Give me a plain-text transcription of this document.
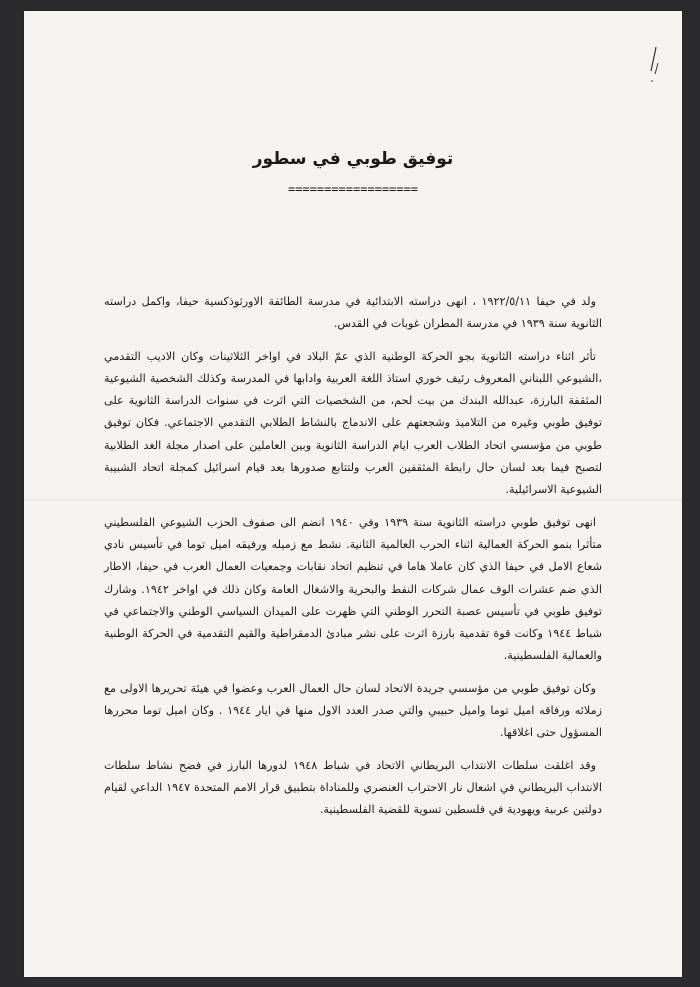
توفيق طوبي في سطور
==================

ولد في حيفا ١٩٢٢/٥/١١ ، انهى دراسته الابتدائية في مدرسة الطائفة الاورثوذكسية حيفا، واكمل دراسته الثانوية سنة ١٩٣٩ في مدرسة المطران غوبات في القدس.

تأثر اثناء دراسته الثانوية بجو الحركة الوطنية الذي عمّ البلاد في اواخر الثلاثينات وكان الاديب التقدمي ،الشيوعي اللبناني المعروف رئيف خوري استاذ اللغة العربية وادابها في المدرسة وكذلك الشخصية الشيوعية المثقفة البارزة، عبدالله البندك من بيت لحم، من الشخصيات التي اثرت في سنوات الدراسة الثانوية على توفيق طوبي وغيره من التلاميذ وشجعتهم على الاندماج بالنشاط الطلابي التقدمي الاجتماعي. فكان توفيق طوبي من مؤسسي اتحاد الطلاب العرب ايام الدراسة الثانوية وبين العاملين على اصدار مجلة الغد الطلابية لتصبح فيما بعد لسان حال رابطة المثقفين العرب ولتتابع صدورها بعد قيام اسرائيل كمجلة اتحاد الشبيبة الشيوعية الاسرائيلية.

انهى توفيق طوبي دراسته الثانوية سنة ١٩٣٩ وفي ١٩٤٠ انضم الى صفوف الحزب الشيوعي الفلسطيني متأثرا بنمو الحركة العمالية اثناء الحرب العالمية الثانية. نشط مع زميله ورفيقه اميل توما في تأسيس نادي شعاع الامل في حيفا الذي كان عاملا هاما في تنظيم اتحاد نقابات وجمعيات العمال العرب في حيفا، الاطار الذي ضم عشرات الوف عمال شركات النفط والبحرية والاشغال العامة وكان ذلك في اواخر ١٩٤٢. وشارك توفيق طوبي في تأسيس عصبة التحرر الوطني التي ظهرت على الميدان السياسي الوطني والاجتماعي في شباط ١٩٤٤ وكانت قوة تقدمية بارزة اثرت على نشر مبادئ الدمقراطية والقيم التقدمية في الحركة الوطنية والعمالية الفلسطينية.

وكان توفيق طوبي من مؤسسي جريدة الاتحاد لسان حال العمال العرب وعضوا في هيئة تحريرها الاولى مع زملائه ورفاقه اميل توما واميل حبيبي والتي صدر العدد الاول منها في ايار ١٩٤٤ . وكان اميل توما محررها المسؤول حتى اغلاقها.

وقد اغلقت سلطات الانتداب البريطاني الاتحاد في شباط ١٩٤٨ لدورها البارز في فضح نشاط سلطات الانتداب البريطاني في اشعال نار الاحتراب العنصري وللمناداة بتطبيق قرار الامم المتحدة ١٩٤٧ الداعي لقيام دولتين عربية ويهودية في فلسطين تسوية للقضية الفلسطينية.
